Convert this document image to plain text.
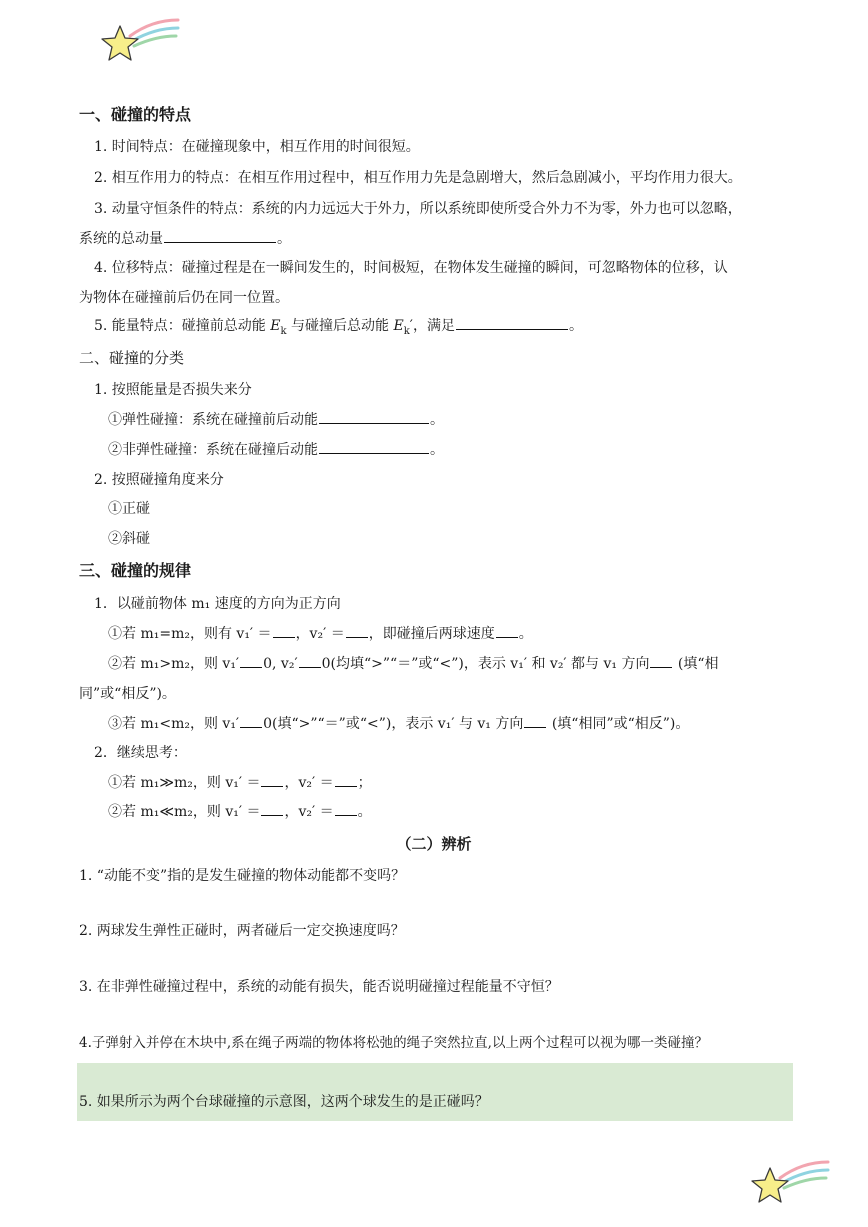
一、碰撞的特点
1. 时间特点：在碰撞现象中，相互作用的时间很短。
2. 相互作用力的特点：在相互作用过程中，相互作用力先是急剧增大，然后急剧减小，平均作用力很大。
3. 动量守恒条件的特点：系统的内力远远大于外力，所以系统即使所受合外力不为零，外力也可以忽略，
系统的总动量	。
4. 位移特点：碰撞过程是在一瞬间发生的，时间极短，在物体发生碰撞的瞬间，可忽略物体的位移，认
为物体在碰撞前后仍在同一位置。
5. 能量特点：碰撞前总动能 $E_k$ 与碰撞后总动能 $E_k'$，满足	。
二、碰撞的分类
1. 按照能量是否损失来分
①弹性碰撞：系统在碰撞前后动能	。
②非弹性碰撞：系统在碰撞后动能	。
2. 按照碰撞角度来分
①正碰
②斜碰
三、碰撞的规律
1．以碰前物体 m₁ 速度的方向为正方向
①若 m₁=m₂，则有 v₁′ ＝ ，v₂′ ＝ ，即碰撞后两球速度 。
②若 m₁>m₂，则 v₁′ 0, v₂′ 0(均填“>”“＝”或“<”)，表示 v₁′ 和 v₂′ 都与 v₁ 方向 (填“相
同”或“相反”)。
③若 m₁<m₂，则 v₁′ 0(填“>”“＝”或“<”)，表示 v₁′ 与 v₁ 方向 (填“相同”或“相反”)。
2．继续思考：
①若 m₁≫m₂，则 v₁′ ＝ ，v₂′ ＝ ；
②若 m₁≪m₂，则 v₁′ ＝ ，v₂′ ＝ 。
（二）辨析
1. “动能不变”指的是发生碰撞的物体动能都不变吗？
2. 两球发生弹性正碰时，两者碰后一定交换速度吗？
3. 在非弹性碰撞过程中，系统的动能有损失，能否说明碰撞过程能量不守恒？
4.子弹射入并停在木块中,系在绳子两端的物体将松弛的绳子突然拉直,以上两个过程可以视为哪一类碰撞？
5. 如果所示为两个台球碰撞的示意图，这两个球发生的是正碰吗？
